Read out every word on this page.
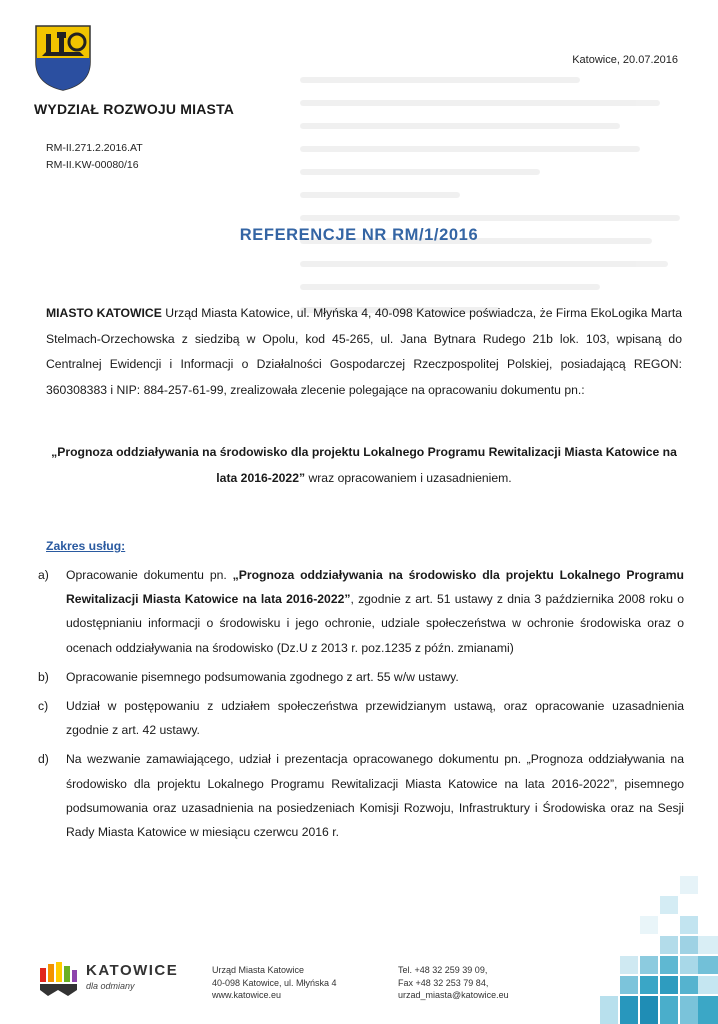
WYDZIAŁ ROZWOJU MIASTA
RM-II.271.2.2016.AT
RM-II.KW-00080/16
Katowice, 20.07.2016
REFERENCJE NR RM/1/2016
MIASTO KATOWICE Urząd Miasta Katowice, ul. Młyńska 4, 40-098 Katowice poświadcza, że Firma EkoLogika Marta Stelmach-Orzechowska z siedzibą w Opolu, kod 45-265, ul. Jana Bytnara Rudego 21b lok. 103, wpisaną do Centralnej Ewidencji i Informacji o Działalności Gospodarczej Rzeczpospolitej Polskiej, posiadającą REGON: 360308383 i NIP: 884-257-61-99, zrealizowała zlecenie polegające na opracowaniu dokumentu pn.:
„Prognoza oddziaływania na środowisko dla projektu Lokalnego Programu Rewitalizacji Miasta Katowice na lata 2016-2022” wraz opracowaniem i uzasadnieniem.
Zakres usług:
a)	Opracowanie dokumentu pn. „Prognoza oddziaływania na środowisko dla projektu Lokalnego Programu Rewitalizacji Miasta Katowice na lata 2016-2022”, zgodnie z art. 51 ustawy z dnia 3 października 2008 roku o udostępnianiu informacji o środowisku i jego ochronie, udziale społeczeństwa w ochronie środowiska oraz o ocenach oddziaływania na środowisko (Dz.U z 2013 r. poz.1235 z późn. zmianami)
b)	Opracowanie pisemnego podsumowania zgodnego z art. 55 w/w ustawy.
c)	Udział w postępowaniu z udziałem społeczeństwa przewidzianym ustawą, oraz opracowanie uzasadnienia zgodnie z art. 42 ustawy.
d)	Na wezwanie zamawiającego, udział i prezentacja opracowanego dokumentu pn. „Prognoza oddziaływania na środowisko dla projektu Lokalnego Programu Rewitalizacji Miasta Katowice na lata 2016-2022”, pisemnego podsumowania oraz uzasadnienia na posiedzeniach Komisji Rozwoju, Infrastruktury i Środowiska oraz na Sesji Rady Miasta Katowice w miesiącu czerwcu 2016 r.
KATOWICE
dla odmiany
Urząd Miasta Katowice
40-098 Katowice, ul. Młyńska 4
www.katowice.eu
Tel. +48 32 259 39 09,
Fax +48 32 253 79 84,
urzad_miasta@katowice.eu
